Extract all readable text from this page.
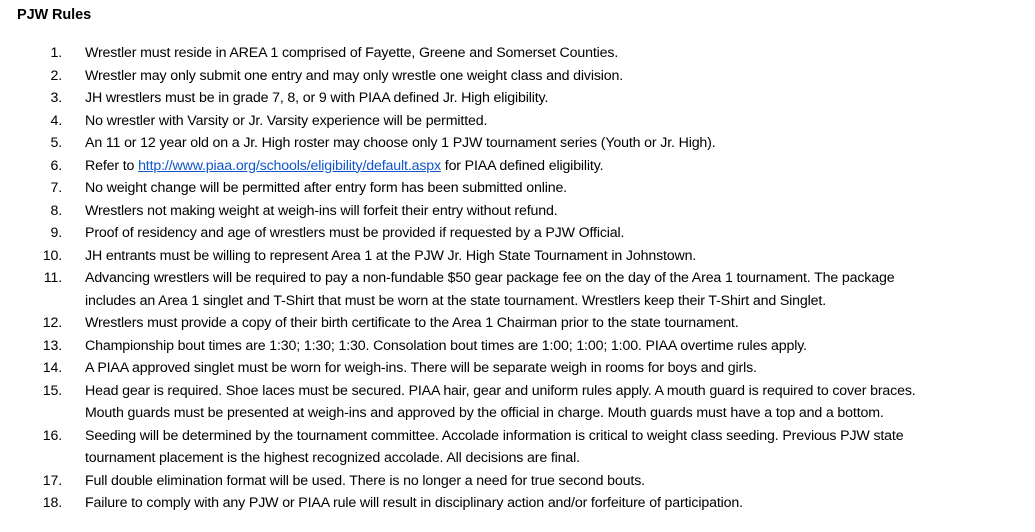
PJW Rules
1.	Wrestler must reside in AREA 1 comprised of Fayette, Greene and Somerset Counties.
2.	Wrestler may only submit one entry and may only wrestle one weight class and division.
3.	JH wrestlers must be in grade 7, 8, or 9 with PIAA defined Jr. High eligibility.
4.	No wrestler with Varsity or Jr. Varsity experience will be permitted.
5.	An 11 or 12 year old on a Jr. High roster may choose only 1 PJW tournament series (Youth or Jr. High).
6.	Refer to http://www.piaa.org/schools/eligibility/default.aspx for PIAA defined eligibility.
7.	No weight change will be permitted after entry form has been submitted online.
8.	Wrestlers not making weight at weigh-ins will forfeit their entry without refund.
9.	Proof of residency and age of wrestlers must be provided if requested by a PJW Official.
10.	JH entrants must be willing to represent Area 1 at the PJW Jr. High State Tournament in Johnstown.
11.	Advancing wrestlers will be required to pay a non-fundable $50 gear package fee on the day of the Area 1 tournament. The package
includes an Area 1 singlet and T-Shirt that must be worn at the state tournament. Wrestlers keep their T-Shirt and Singlet.
12.	Wrestlers must provide a copy of their birth certificate to the Area 1 Chairman prior to the state tournament.
13.	Championship bout times are 1:30; 1:30; 1:30. Consolation bout times are 1:00; 1:00; 1:00. PIAA overtime rules apply.
14.	A PIAA approved singlet must be worn for weigh-ins. There will be separate weigh in rooms for boys and girls.
15.	Head gear is required. Shoe laces must be secured. PIAA hair, gear and uniform rules apply. A mouth guard is required to cover braces.
Mouth guards must be presented at weigh-ins and approved by the official in charge. Mouth guards must have a top and a bottom.
16.	Seeding will be determined by the tournament committee. Accolade information is critical to weight class seeding. Previous PJW state
tournament placement is the highest recognized accolade. All decisions are final.
17.	Full double elimination format will be used. There is no longer a need for true second bouts.
18.	Failure to comply with any PJW or PIAA rule will result in disciplinary action and/or forfeiture of participation.
